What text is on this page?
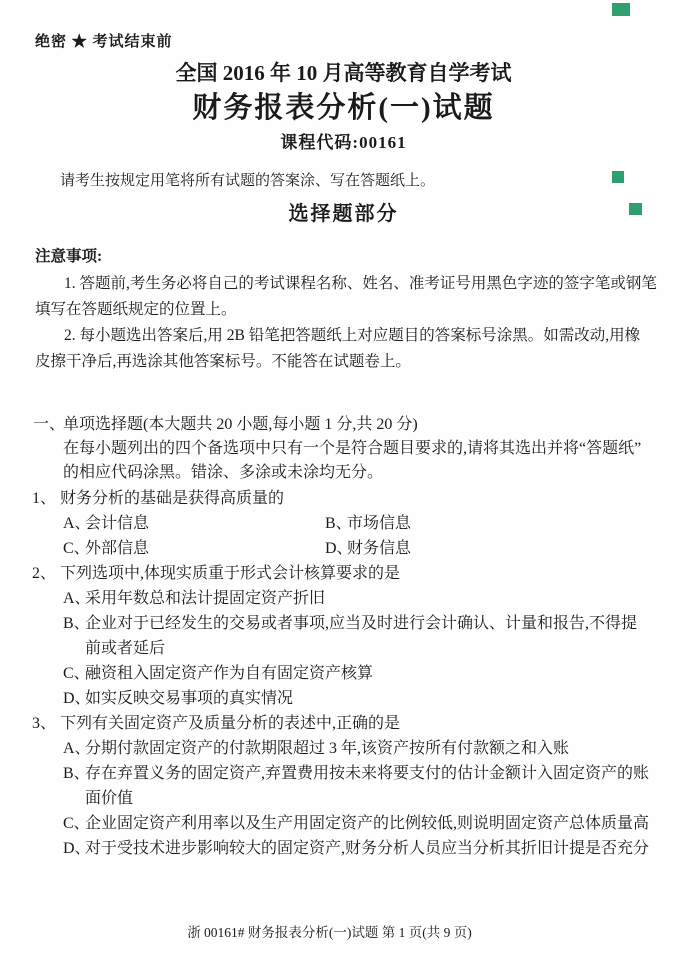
绝密 ★ 考试结束前
全国 2016 年 10 月高等教育自学考试
财务报表分析(一)试题
课程代码:00161
请考生按规定用笔将所有试题的答案涂、写在答题纸上。
选择题部分
注意事项:
1. 答题前,考生务必将自己的考试课程名称、姓名、准考证号用黑色字迹的签字笔或钢笔
填写在答题纸规定的位置上。
2. 每小题选出答案后,用 2B 铅笔把答题纸上对应题目的答案标号涂黑。如需改动,用橡
皮擦干净后,再选涂其他答案标号。不能答在试题卷上。
一、
单项选择题(本大题共 20 小题,每小题 1 分,共 20 分)
在每小题列出的四个备选项中只有一个是符合题目要求的,请将其选出并将“答题纸”
的相应代码涂黑。错涂、多涂或未涂均无分。
1、 财务分析的基础是获得高质量的
A、
会计信息	B、
市场信息
C、
外部信息	D、
财务信息
2、 下列选项中,体现实质重于形式会计核算要求的是
A、
采用年数总和法计提固定资产折旧
B、
企业对于已经发生的交易或者事项,应当及时进行会计确认、计量和报告,不得提
前或者延后
C、
融资租入固定资产作为自有固定资产核算
D、
如实反映交易事项的真实情况
3、 下列有关固定资产及质量分析的表述中,正确的是
A、
分期付款固定资产的付款期限超过 3 年,该资产按所有付款额之和入账
B、
存在弃置义务的固定资产,弃置费用按未来将要支付的估计金额计入固定资产的账
面价值
C、
企业固定资产利用率以及生产用固定资产的比例较低,则说明固定资产总体质量高
D、
对于受技术进步影响较大的固定资产,财务分析人员应当分析其折旧计提是否充分
浙 00161# 财务报表分析(一)试题 第 1 页(共 9 页)
